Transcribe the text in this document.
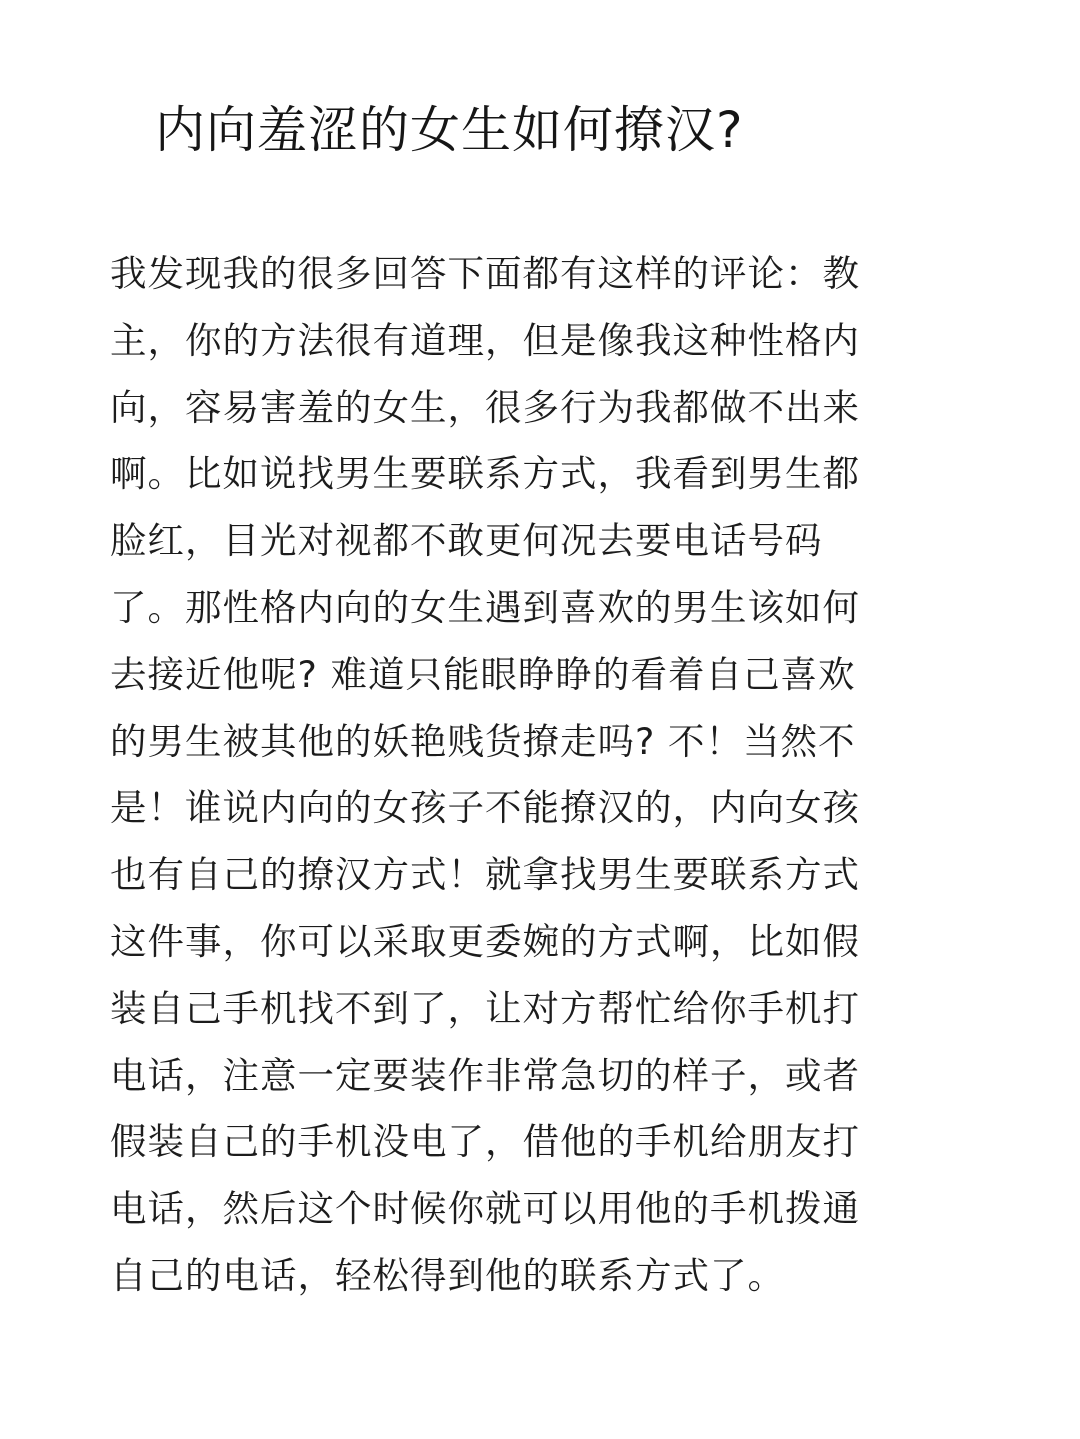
内向羞涩的女生如何撩汉?
我发现我的很多回答下面都有这样的评论：教
主，你的方法很有道理，但是像我这种性格内
向，容易害羞的女生，很多行为我都做不出来
啊。比如说找男生要联系方式，我看到男生都
脸红，目光对视都不敢更何况去要电话号码
了。那性格内向的女生遇到喜欢的男生该如何
去接近他呢? 难道只能眼睁睁的看着自己喜欢
的男生被其他的妖艳贱货撩走吗? 不！当然不
是！谁说内向的女孩子不能撩汉的，内向女孩
也有自己的撩汉方式！就拿找男生要联系方式
这件事，你可以采取更委婉的方式啊，比如假
装自己手机找不到了，让对方帮忙给你手机打
电话，注意一定要装作非常急切的样子，或者
假装自己的手机没电了，借他的手机给朋友打
电话，然后这个时候你就可以用他的手机拨通
自己的电话，轻松得到他的联系方式了。
